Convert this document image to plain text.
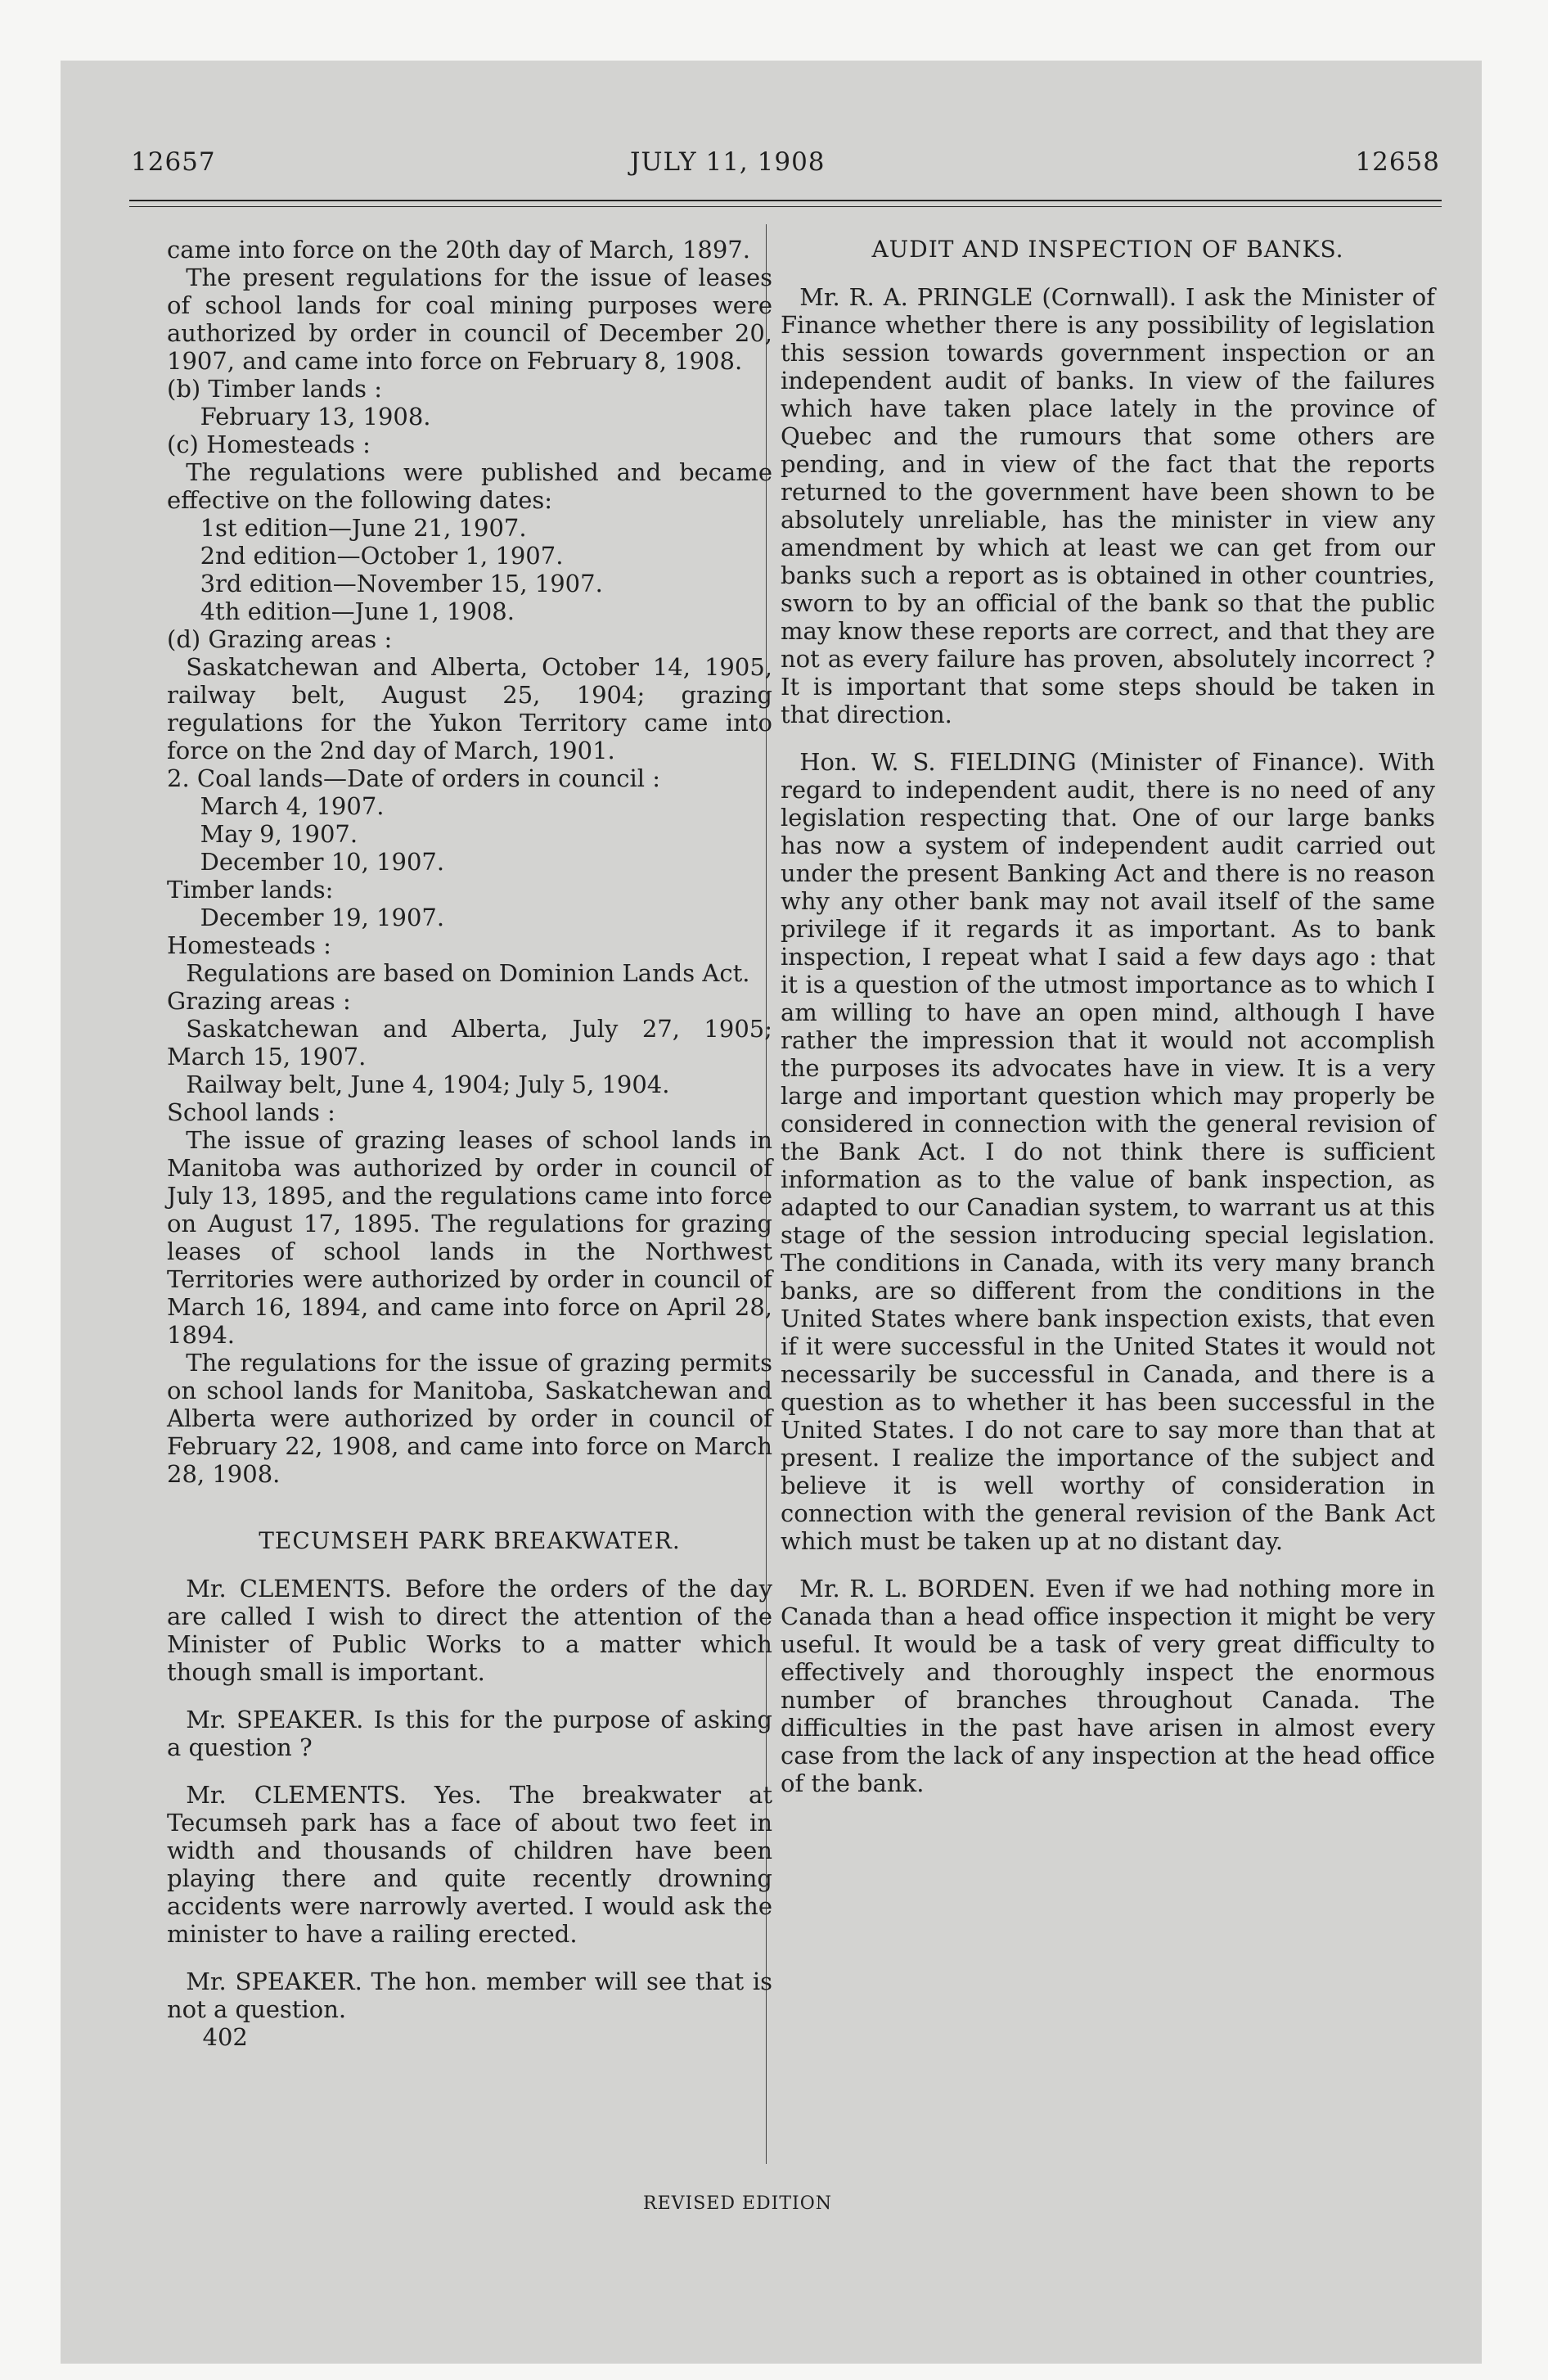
12657	JULY 11, 1908	12658

came into force on the 20th day of March, 1897.

The present regulations for the issue of leases of school lands for coal mining purposes were authorized by order in council of December 20, 1907, and came into force on February 8, 1908.

(b) Timber lands :

February 13, 1908.

(c) Homesteads :

The regulations were published and became effective on the following dates:

1st edition—June 21, 1907.

2nd edition—October 1, 1907.

3rd edition—November 15, 1907.

4th edition—June 1, 1908.

(d) Grazing areas :

Saskatchewan and Alberta, October 14, 1905, railway belt, August 25, 1904; grazing regulations for the Yukon Territory came into force on the 2nd day of March, 1901.

2. Coal lands—Date of orders in council :

March 4, 1907.

May 9, 1907.

December 10, 1907.

Timber lands:

December 19, 1907.

Homesteads :

Regulations are based on Dominion Lands Act.

Grazing areas :

Saskatchewan and Alberta, July 27, 1905; March 15, 1907.

Railway belt, June 4, 1904; July 5, 1904.

School lands :

The issue of grazing leases of school lands in Manitoba was authorized by order in council of July 13, 1895, and the regulations came into force on August 17, 1895. The regulations for grazing leases of school lands in the Northwest Territories were authorized by order in council of March 16, 1894, and came into force on April 28, 1894.

The regulations for the issue of grazing permits on school lands for Manitoba, Saskatchewan and Alberta were authorized by order in council of February 22, 1908, and came into force on March 28, 1908.

TECUMSEH PARK BREAKWATER.

Mr. CLEMENTS. Before the orders of the day are called I wish to direct the attention of the Minister of Public Works to a matter which though small is important.

Mr. SPEAKER. Is this for the purpose of asking a question ?

Mr. CLEMENTS. Yes. The breakwater at Tecumseh park has a face of about two feet in width and thousands of children have been playing there and quite recently drowning accidents were narrowly averted. I would ask the minister to have a railing erected.

Mr. SPEAKER. The hon. member will see that is not a question.

402

AUDIT AND INSPECTION OF BANKS.

Mr. R. A. PRINGLE (Cornwall). I ask the Minister of Finance whether there is any possibility of legislation this session towards government inspection or an independent audit of banks. In view of the failures which have taken place lately in the province of Quebec and the rumours that some others are pending, and in view of the fact that the reports returned to the government have been shown to be absolutely unreliable, has the minister in view any amendment by which at least we can get from our banks such a report as is obtained in other countries, sworn to by an official of the bank so that the public may know these reports are correct, and that they are not as every failure has proven, absolutely incorrect ? It is important that some steps should be taken in that direction.

Hon. W. S. FIELDING (Minister of Finance). With regard to independent audit, there is no need of any legislation respecting that. One of our large banks has now a system of independent audit carried out under the present Banking Act and there is no reason why any other bank may not avail itself of the same privilege if it regards it as important. As to bank inspection, I repeat what I said a few days ago : that it is a question of the utmost importance as to which I am willing to have an open mind, although I have rather the impression that it would not accomplish the purposes its advocates have in view. It is a very large and important question which may properly be considered in connection with the general revision of the Bank Act. I do not think there is sufficient information as to the value of bank inspection, as adapted to our Canadian system, to warrant us at this stage of the session introducing special legislation. The conditions in Canada, with its very many branch banks, are so different from the conditions in the United States where bank inspection exists, that even if it were successful in the United States it would not necessarily be successful in Canada, and there is a question as to whether it has been successful in the United States. I do not care to say more than that at present. I realize the importance of the subject and believe it is well worthy of consideration in connection with the general revision of the Bank Act which must be taken up at no distant day.

Mr. R. L. BORDEN. Even if we had nothing more in Canada than a head office inspection it might be very useful. It would be a task of very great difficulty to effectively and thoroughly inspect the enormous number of branches throughout Canada. The difficulties in the past have arisen in almost every case from the lack of any inspection at the head office of the bank.

REVISED EDITION
